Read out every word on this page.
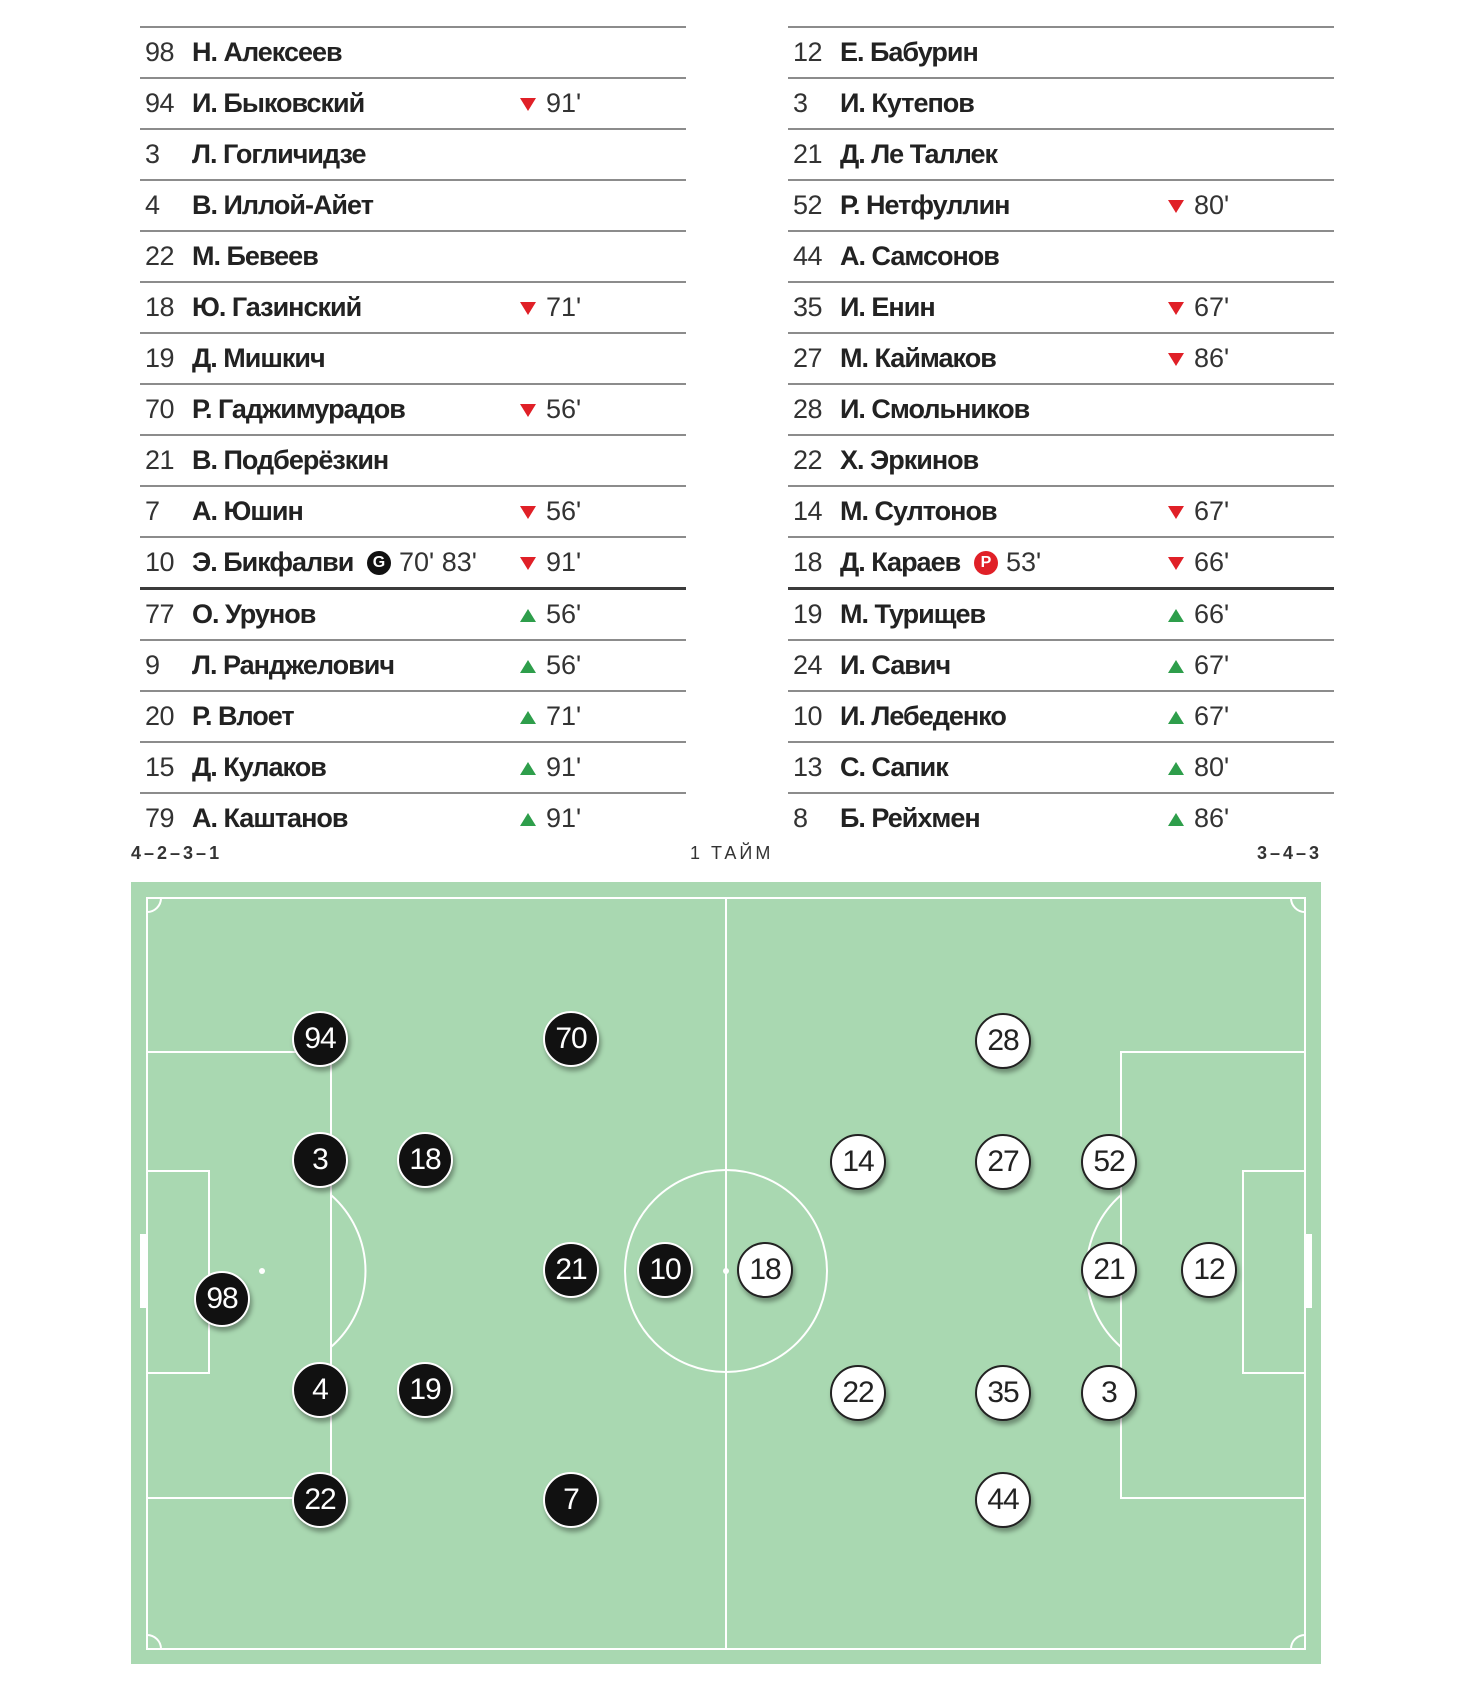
98 Н. Алексеев
94 И. Быковский	91'
3 Л. Гогличидзе
4 В. Иллой-Айет
22 М. Бевеев
18 Ю. Газинский	71'
19 Д. Мишкич
70 Р. Гаджимурадов	56'
21 В. Подберёзкин
7 А. Юшин	56'
10 Э. Бикфалви	G 70' 83'	91'
77 О. Урунов	56'
9 Л. Ранджелович	56'
20 Р. Влоет	71'
15 Д. Кулаков	91'
79 А. Каштанов	91'
12 Е. Бабурин
3 И. Кутепов
21 Д. Ле Таллек
52 Р. Нетфуллин	80'
44 А. Самсонов
35 И. Енин	67'
27 М. Каймаков	86'
28 И. Смольников
22 Х. Эркинов
14 М. Султонов	67'
18 Д. Караев	P 53'	66'
19 М. Турищев	66'
24 И. Савич	67'
10 И. Лебеденко	67'
13 С. Сапик	80'
8 Б. Рейхмен	86'
4–2–3–1	1 ТАЙМ	3–4–3
98
94
3
4
22
18
19
70
21
7
10	12
3
21
52
44
35
27
28
22
14
18
